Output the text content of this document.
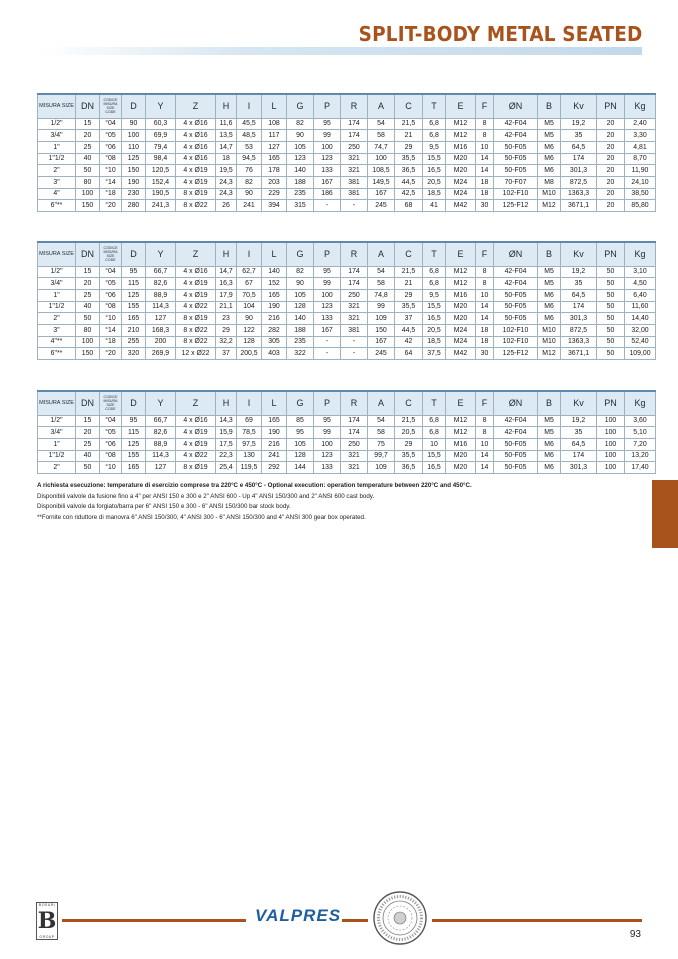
SPLIT-BODY METAL SEATED
MISURA SIZE	DN	CODICE
MISURA
SIZE
CODE	D	Y	Z	H	I	L	G	P	R	A	C	T	E	F	ØN	B	Kv	PN	Kg
1/2"	15	°04	90	60,3	4 x Ø16	11,6	45,5	108	82	95	174	54	21,5	6,8	M12	8	42-F04	M5	19,2	20	2,40
3/4"	20	°05	100	69,9	4 x Ø16	13,5	48,5	117	90	99	174	58	21	6,8	M12	8	42-F04	M5	35	20	3,30
1"	25	°06	110	79,4	4 x Ø16	14,7	53	127	105	100	250	74,7	29	9,5	M16	10	50-F05	M6	64,5	20	4,81
1"1/2	40	°08	125	98,4	4 x Ø16	18	94,5	165	123	123	321	100	35,5	15,5	M20	14	50-F05	M6	174	20	8,70
2"	50	°10	150	120,5	4 x Ø19	19,5	76	178	140	133	321	108,5	36,5	16,5	M20	14	50-F05	M6	301,3	20	11,90
3"	80	°14	190	152,4	4 x Ø19	24,3	82	203	188	167	381	149,5	44,5	20,5	M24	18	70-F07	M8	872,5	20	24,10
4"	100	°18	230	190,5	8 x Ø19	24,3	90	229	235	186	381	167	42,5	18,5	M24	18	102-F10	M10	1363,3	20	38,50
6"**	150	°20	280	241,3	8 x Ø22	26	241	394	315	-	-	245	68	41	M42	30	125-F12	M12	3671,1	20	85,80
MISURA SIZE	DN	CODICE
MISURA
SIZE
CODE	D	Y	Z	H	I	L	G	P	R	A	C	T	E	F	ØN	B	Kv	PN	Kg
1/2"	15	°04	95	66,7	4 x Ø16	14,7	62,7	140	82	95	174	54	21,5	6,8	M12	8	42-F04	M5	19,2	50	3,10
3/4"	20	°05	115	82,6	4 x Ø19	16,3	67	152	90	99	174	58	21	6,8	M12	8	42-F04	M5	35	50	4,50
1"	25	°06	125	88,9	4 x Ø19	17,9	70,5	165	105	100	250	74,8	29	9,5	M16	10	50-F05	M6	64,5	50	6,40
1"1/2	40	°08	155	114,3	4 x Ø22	21,1	104	190	128	123	321	99	35,5	15,5	M20	14	50-F05	M6	174	50	11,60
2"	50	°10	165	127	8 x Ø19	23	90	216	140	133	321	109	37	16,5	M20	14	50-F05	M6	301,3	50	14,40
3"	80	°14	210	168,3	8 x Ø22	29	122	282	188	167	381	150	44,5	20,5	M24	18	102-F10	M10	872,5	50	32,00
4"**	100	°18	255	200	8 x Ø22	32,2	128	305	235	-	-	167	42	18,5	M24	18	102-F10	M10	1363,3	50	52,40
6"**	150	°20	320	269,9	12 x Ø22	37	200,5	403	322	-	-	245	64	37,5	M42	30	125-F12	M12	3671,1	50	109,00
MISURA SIZE	DN	CODICE
MISURA
SIZE
CODE	D	Y	Z	H	I	L	G	P	R	A	C	T	E	F	ØN	B	Kv	PN	Kg
1/2"	15	°04	95	66,7	4 x Ø16	14,3	69	165	85	95	174	54	21,5	6,8	M12	8	42-F04	M5	19,2	100	3,60
3/4"	20	°05	115	82,6	4 x Ø19	15,9	78,5	190	95	99	174	58	20,5	6,8	M12	8	42-F04	M5	35	100	5,10
1"	25	°06	125	88,9	4 x Ø19	17,5	97,5	216	105	100	250	75	29	10	M16	10	50-F05	M6	64,5	100	7,20
1"1/2	40	°08	155	114,3	4 x Ø22	22,3	130	241	128	123	321	99,7	35,5	15,5	M20	14	50-F05	M6	174	100	13,20
2"	50	°10	165	127	8 x Ø19	25,4	119,5	292	144	133	321	109	36,5	16,5	M20	14	50-F05	M6	301,3	100	17,40
A richiesta esecuzione: temperature di esercizio comprese tra 220°C e 450°C - Optional execution: operation temperature between 220°C and 450°C.
Disponibili valvole da fusione fino a 4" per ANSI 150 e 300 e 2" ANSI 600 - Up 4" ANSI 150/300 and 2" ANSI 600 cast body.
Disponibili valvole da forgiato/barra per 6" ANSI 150 e 300 - 6" ANSI 150/300 bar stock body.
**Fornite con riduttore di manovra 6" ANSI 150/300, 4" ANSI 300 - 6" ANSI 150/300 and 4" ANSI 300 gear box operated.
BOSURI
B
GROUP
VALPRES
93
